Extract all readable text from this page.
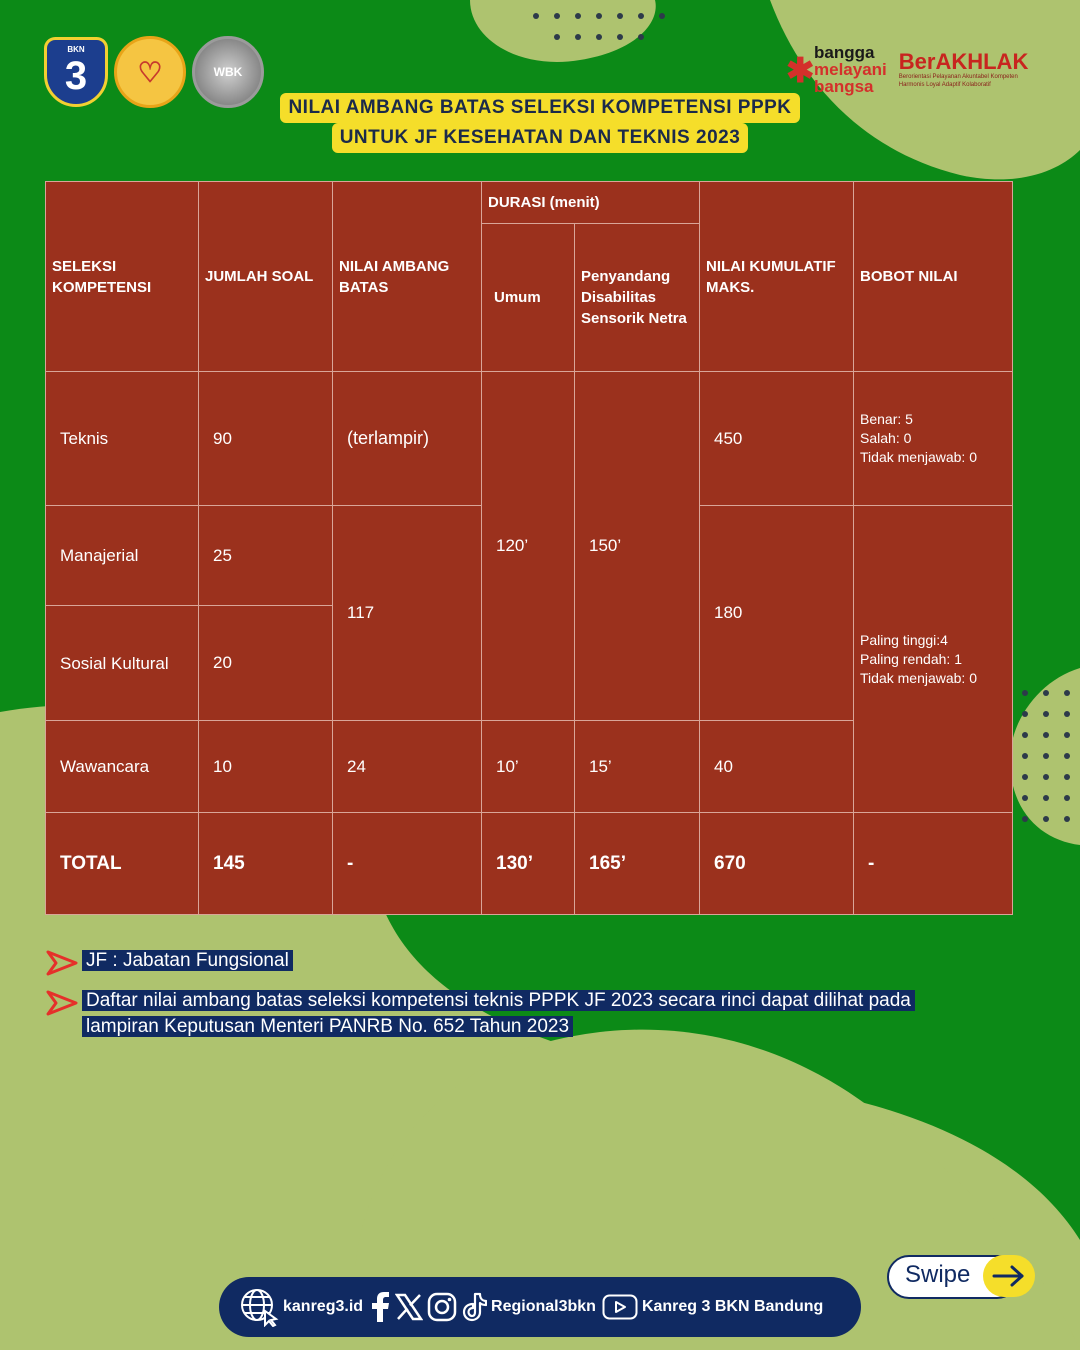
BKN
3	♡	WBK	✱ bangga
melayani
bangsa
BerAKHLAK
Berorientasi Pelayanan Akuntabel Kompeten Harmonis Loyal Adaptif Kolaboratif
NILAI AMBANG BATAS SELEKSI KOMPETENSI PPPK
UNTUK JF KESEHATAN DAN TEKNIS 2023
SELEKSI KOMPETENSI	JUMLAH SOAL	NILAI AMBANG BATAS	DURASI (menit)		NILAI KUMULATIF MAKS.	BOBOT NILAI
			Umum	Penyandang Disabilitas Sensorik Netra		
Teknis	90	(terlampir)	120’	150’	450	Benar: 5
Salah: 0
Tidak menjawab: 0

Manajerial	25	117			180	Paling tinggi:4
Paling rendah: 1
Tidak menjawab: 0

Sosial Kultural	20					
Wawancara	10	24	10’	15’	40	
TOTAL	145	-	130’	165’	670	-
JF : Jabatan Fungsional
Daftar nilai ambang batas seleksi kompetensi teknis PPPK JF 2023 secara rinci dapat dilihat pada lampiran Keputusan Menteri PANRB No. 652 Tahun 2023
kanreg3.id	Regional3bkn	Kanreg 3 BKN Bandung
Swipe
